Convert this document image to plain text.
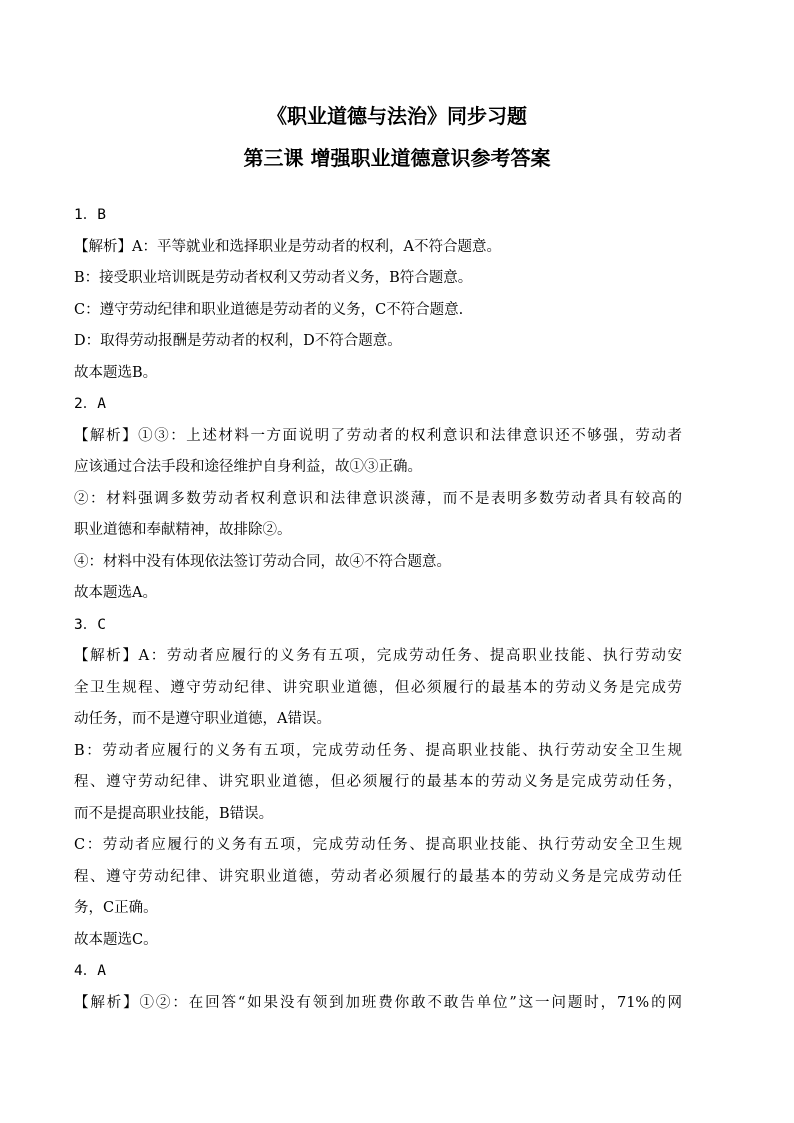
《职业道德与法治》同步习题
第三课 增强职业道德意识参考答案
1．B
【解析】A：平等就业和选择职业是劳动者的权利，A不符合题意。
B：接受职业培训既是劳动者权利又劳动者义务，B符合题意。
C：遵守劳动纪律和职业道德是劳动者的义务，C不符合题意.
D：取得劳动报酬是劳动者的权利，D不符合题意。
故本题选B。
2．A
【解析】①③：上述材料一方面说明了劳动者的权利意识和法律意识还不够强，劳动者
应该通过合法手段和途径维护自身利益，故①③正确。
②：材料强调多数劳动者权利意识和法律意识淡薄，而不是表明多数劳动者具有较高的
职业道德和奉献精神，故排除②。
④：材料中没有体现依法签订劳动合同，故④不符合题意。
故本题选A。
3．C
【解析】A：劳动者应履行的义务有五项，完成劳动任务、提高职业技能、执行劳动安
全卫生规程、遵守劳动纪律、讲究职业道德，但必须履行的最基本的劳动义务是完成劳
动任务，而不是遵守职业道德，A错误。
B：劳动者应履行的义务有五项，完成劳动任务、提高职业技能、执行劳动安全卫生规
程、遵守劳动纪律、讲究职业道德，但必须履行的最基本的劳动义务是完成劳动任务，
而不是提高职业技能，B错误。
C：劳动者应履行的义务有五项，完成劳动任务、提高职业技能、执行劳动安全卫生规
程、遵守劳动纪律、讲究职业道德，劳动者必须履行的最基本的劳动义务是完成劳动任
务，C正确。
故本题选C。
4．A
【解析】①②：在回答“如果没有领到加班费你敢不敢告单位”这一问题时，71%的网
